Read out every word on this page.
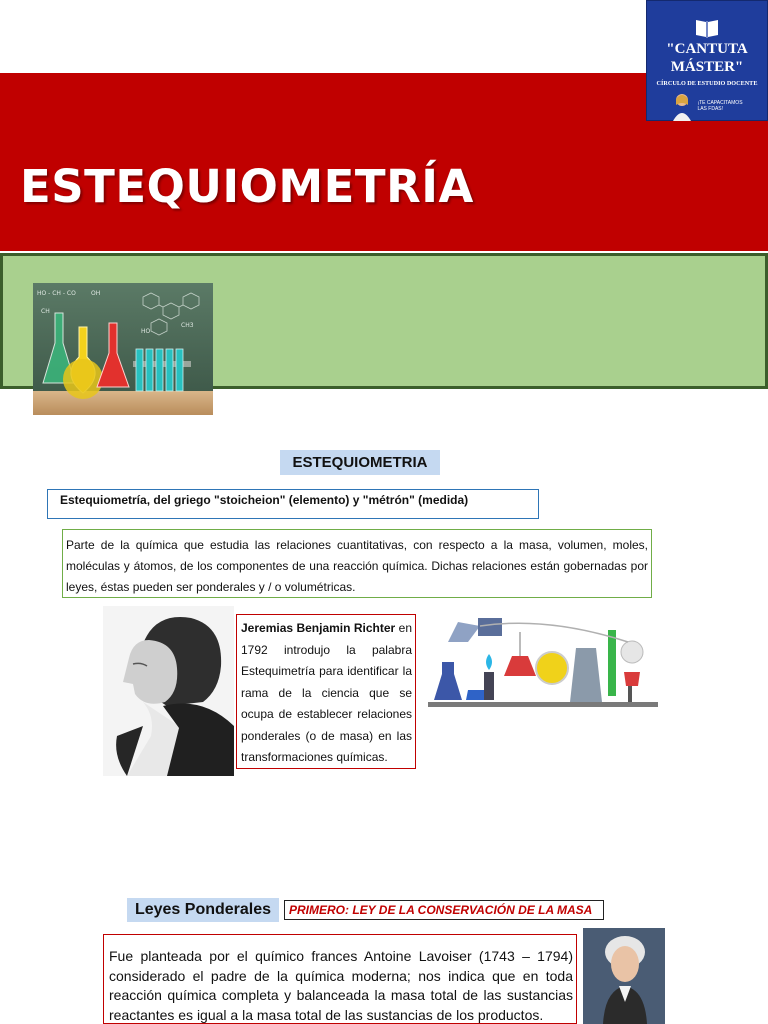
ESTEQUIOMETRÍA
"CANTUTA
MÁSTER"
CÍRCULO DE ESTUDIO DOCENTE
¡TE CAPACITAMOS
LAS FDAS!
HO - CH - CO	OH
CH
HO
CH3
ESTEQUIOMETRIA
Estequiometría, del griego "stoicheion" (elemento) y "métrón" (medida)
Parte de la química que estudia las relaciones cuantitativas, con respecto a la masa, volumen, moles, moléculas y átomos, de los componentes de una reacción química. Dichas relaciones están gobernadas por leyes, éstas pueden ser ponderales y / o volumétricas.
Jeremias Benjamin Richter en 1792 introdujo la palabra Estequimetría para identificar la rama de la ciencia que se ocupa de establecer relaciones ponderales (o de masa) en las transformaciones químicas.
Leyes Ponderales	PRIMERO: LEY DE LA CONSERVACIÓN DE LA MASA
Fue planteada por el químico frances Antoine Lavoiser (1743 – 1794) considerado el padre de la química moderna; nos indica que en toda reacción química completa y balanceada la masa total de las sustancias reactantes es igual a la masa total de las sustancias de los productos.
